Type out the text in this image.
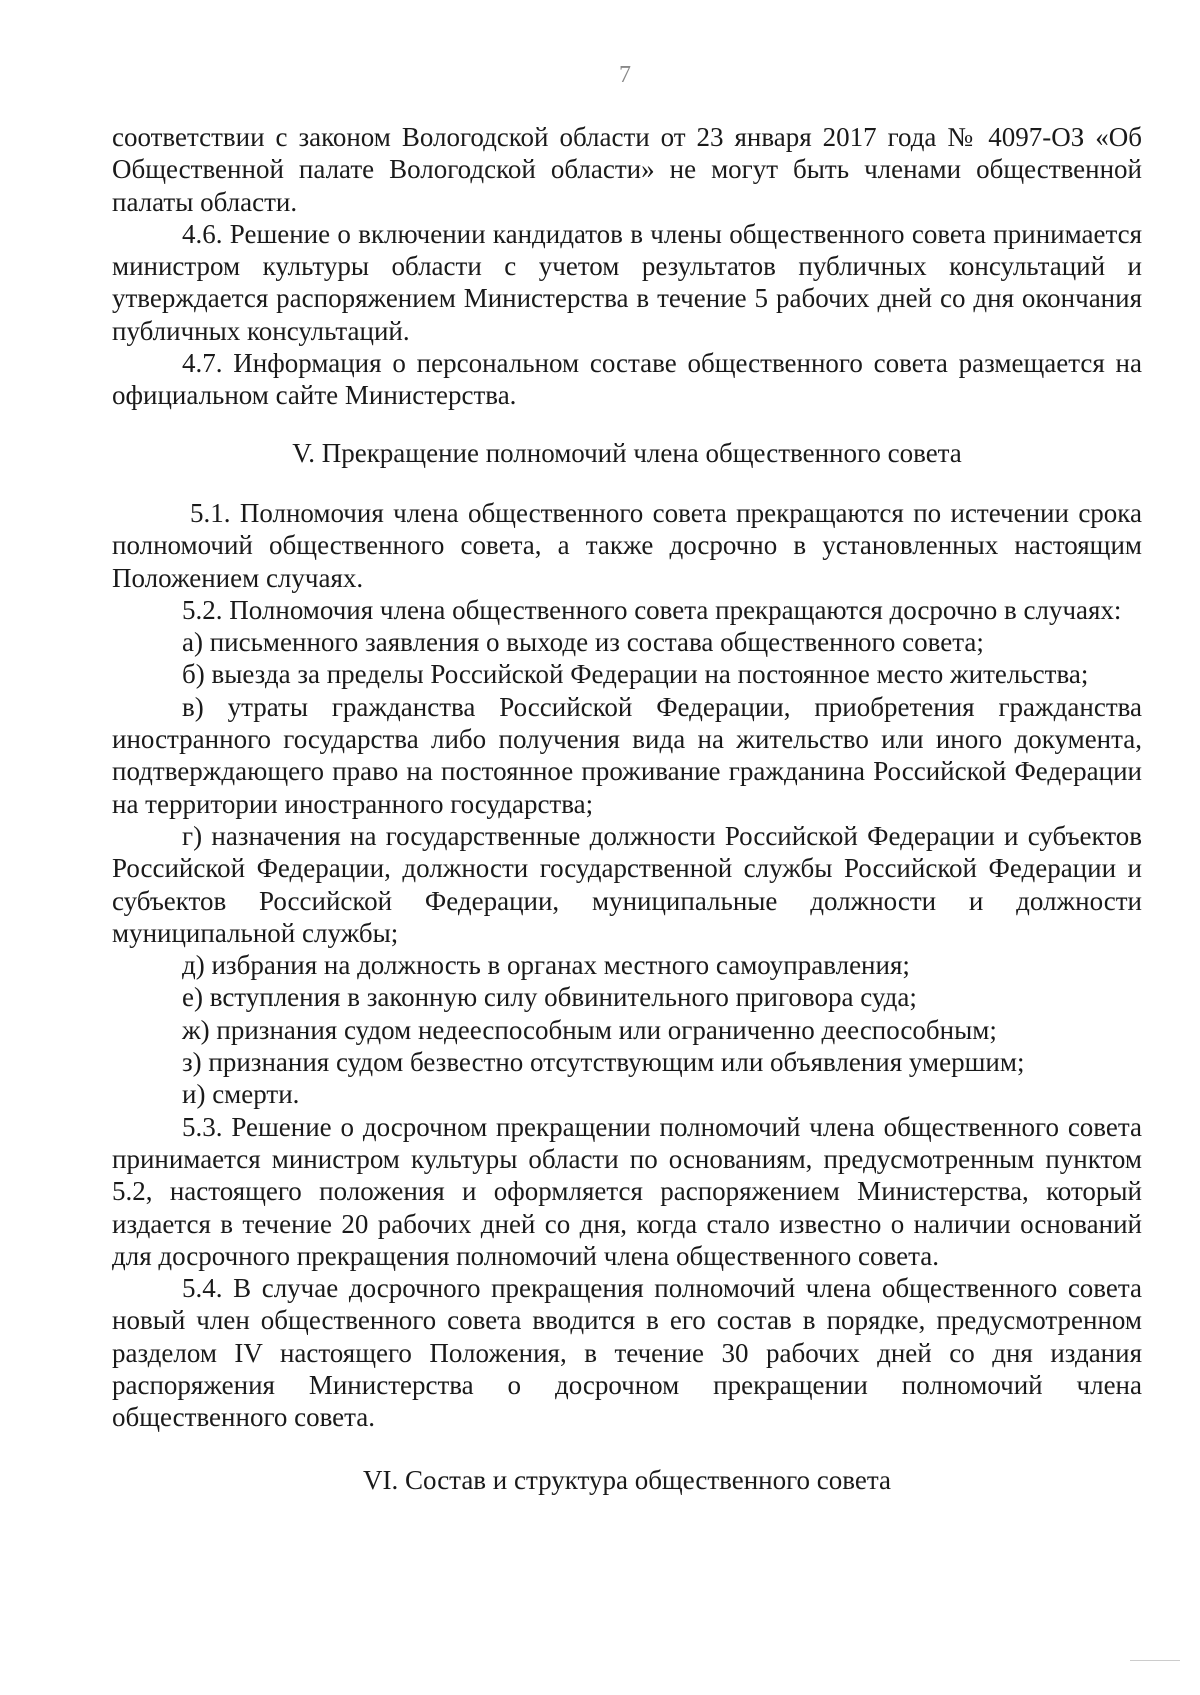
7

соответствии с законом Вологодской области от 23 января 2017 года № 4097-ОЗ «Об Общественной палате Вологодской области» не могут быть членами общественной палаты области.

4.6. Решение о включении кандидатов в члены общественного совета принимается министром культуры области с учетом результатов публичных консультаций и утверждается распоряжением Министерства в течение 5 рабочих дней со дня окончания публичных консультаций.

4.7. Информация о персональном составе общественного совета размещается на официальном сайте Министерства.

V. Прекращение полномочий члена общественного совета

5.1. Полномочия члена общественного совета прекращаются по истечении срока полномочий общественного совета, а также досрочно в установленных настоящим Положением случаях.

5.2. Полномочия члена общественного совета прекращаются досрочно в случаях:

а) письменного заявления о выходе из состава общественного совета;

б) выезда за пределы Российской Федерации на постоянное место жительства;

в) утраты гражданства Российской Федерации, приобретения гражданства иностранного государства либо получения вида на жительство или иного документа, подтверждающего право на постоянное проживание гражданина Российской Федерации на территории иностранного государства;

г) назначения на государственные должности Российской Федерации и субъектов Российской Федерации, должности государственной службы Российской Федерации и субъектов Российской Федерации, муниципальные должности и должности муниципальной службы;

д) избрания на должность в органах местного самоуправления;

е) вступления в законную силу обвинительного приговора суда;

ж) признания судом недееспособным или ограниченно дееспособным;

з) признания судом безвестно отсутствующим или объявления умершим;

и) смерти.

5.3. Решение о досрочном прекращении полномочий члена общественного совета принимается министром культуры области по основаниям, предусмотренным пунктом 5.2, настоящего положения и оформляется распоряжением Министерства, который издается в течение 20 рабочих дней со дня, когда стало известно о наличии оснований для досрочного прекращения полномочий члена общественного совета.

5.4. В случае досрочного прекращения полномочий члена общественного совета новый член общественного совета вводится в его состав в порядке, предусмотренном разделом IV настоящего Положения, в течение 30 рабочих дней со дня издания распоряжения Министерства о досрочном прекращении полномочий члена общественного совета.

VI. Состав и структура общественного совета
